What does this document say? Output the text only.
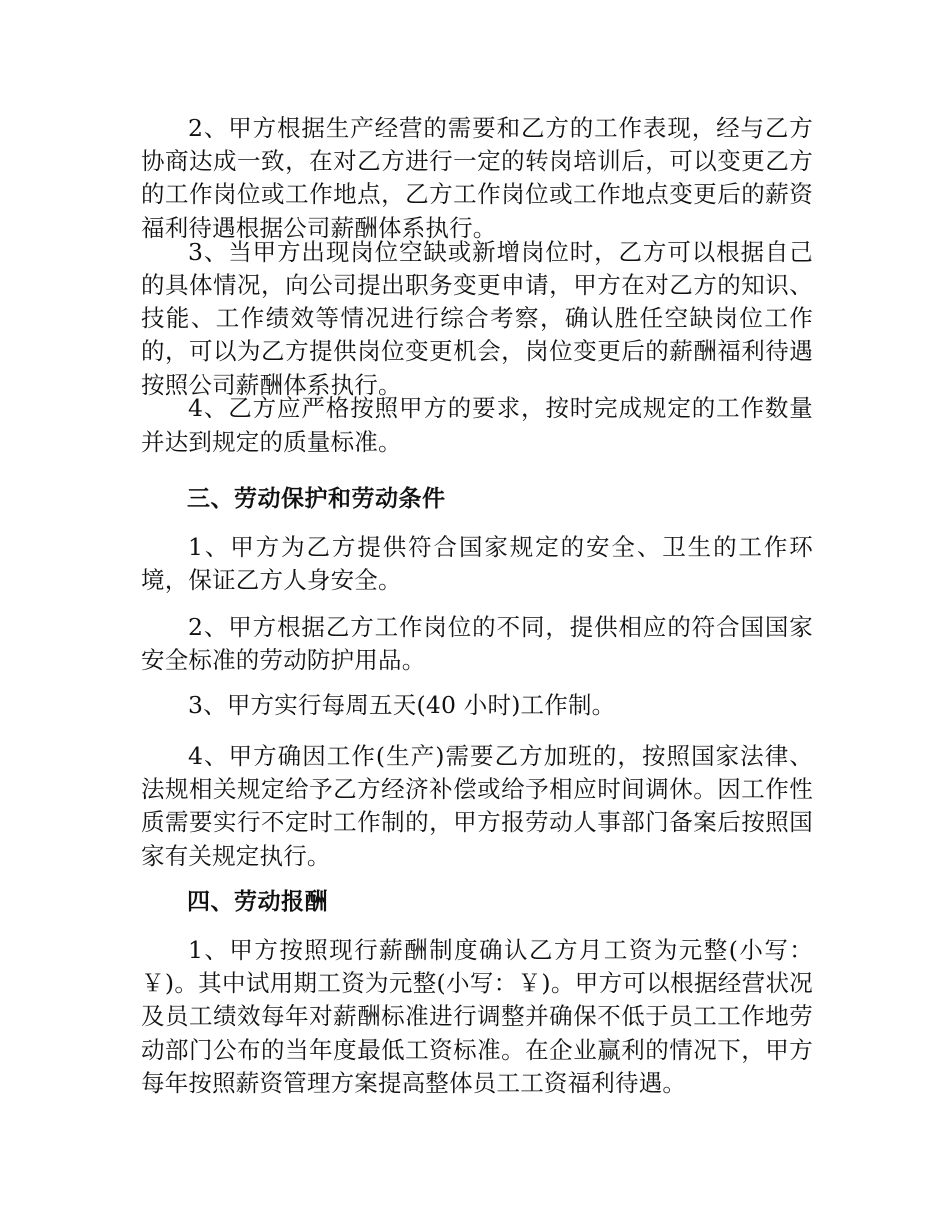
2、甲方根据生产经营的需要和乙方的工作表现，经与乙方协商达成一致，在对乙方进行一定的转岗培训后，可以变更乙方的工作岗位或工作地点，乙方工作岗位或工作地点变更后的薪资福利待遇根据公司薪酬体系执行。

3、当甲方出现岗位空缺或新增岗位时，乙方可以根据自己的具体情况，向公司提出职务变更申请，甲方在对乙方的知识、技能、工作绩效等情况进行综合考察，确认胜任空缺岗位工作的，可以为乙方提供岗位变更机会，岗位变更后的薪酬福利待遇按照公司薪酬体系执行。

4、乙方应严格按照甲方的要求，按时完成规定的工作数量并达到规定的质量标准。

三、劳动保护和劳动条件

1、甲方为乙方提供符合国家规定的安全、卫生的工作环境，保证乙方人身安全。

2、甲方根据乙方工作岗位的不同，提供相应的符合国国家安全标准的劳动防护用品。

3、甲方实行每周五天(40 小时)工作制。

4、甲方确因工作(生产)需要乙方加班的，按照国家法律、法规相关规定给予乙方经济补偿或给予相应时间调休。因工作性质需要实行不定时工作制的，甲方报劳动人事部门备案后按照国家有关规定执行。

四、劳动报酬

1、甲方按照现行薪酬制度确认乙方月工资为元整(小写：￥)。其中试用期工资为元整(小写：￥)。甲方可以根据经营状况及员工绩效每年对薪酬标准进行调整并确保不低于员工工作地劳动部门公布的当年度最低工资标准。在企业赢利的情况下，甲方每年按照薪资管理方案提高整体员工工资福利待遇。
